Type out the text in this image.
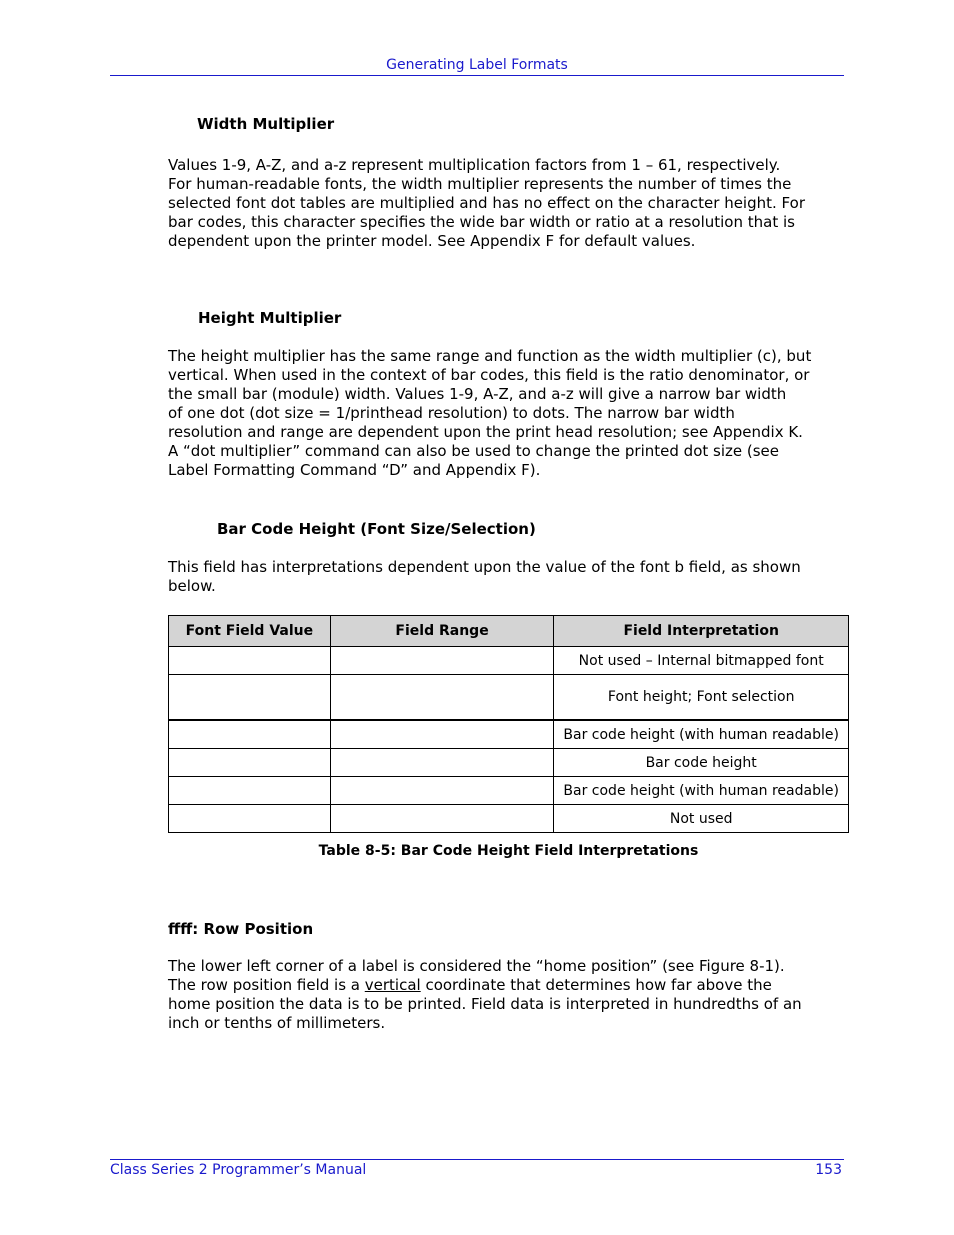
Generating Label Formats
Width Multiplier
Values 1-9, A-Z, and a-z represent multiplication factors from 1 – 61, respectively.
For human-readable fonts, the width multiplier represents the number of times the
selected font dot tables are multiplied and has no effect on the character height. For
bar codes, this character specifies the wide bar width or ratio at a resolution that is
dependent upon the printer model. See Appendix F for default values.
Height Multiplier
The height multiplier has the same range and function as the width multiplier (c), but
vertical. When used in the context of bar codes, this field is the ratio denominator, or
the small bar (module) width. Values 1-9, A-Z, and a-z will give a narrow bar width
of one dot (dot size = 1/printhead resolution) to dots. The narrow bar width
resolution and range are dependent upon the print head resolution; see Appendix K.
A “dot multiplier” command can also be used to change the printed dot size (see
Label Formatting Command “D” and Appendix F).
Bar Code Height (Font Size/Selection)
This field has interpretations dependent upon the value of the font b field, as shown
below.
Font Field Value	Field Range	Field Interpretation
		Not used – Internal bitmapped font
		Font height; Font selection
		Bar code height (with human readable)
		Bar code height
		Bar code height (with human readable)
		Not used
Table 8-5: Bar Code Height Field Interpretations
ffff: Row Position
The lower left corner of a label is considered the “home position” (see Figure 8-1).
The row position field is a vertical coordinate that determines how far above the
home position the data is to be printed. Field data is interpreted in hundredths of an
inch or tenths of millimeters.
Class Series 2 Programmer’s Manual	153
